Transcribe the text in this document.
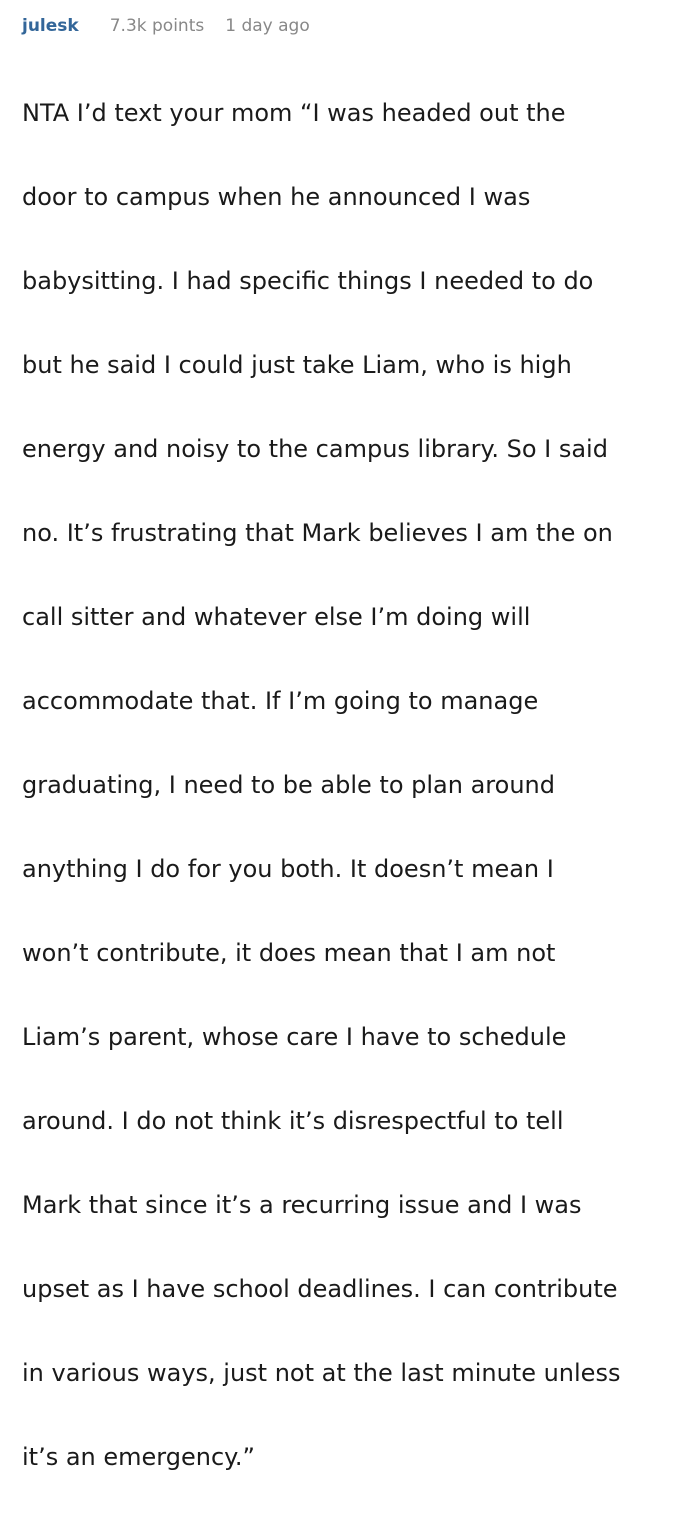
julesk 7.3k points 1 day ago

NTA I’d text your mom “I was headed out the

door to campus when he announced I was

babysitting. I had specific things I needed to do

but he said I could just take Liam, who is high

energy and noisy to the campus library. So I said

no. It’s frustrating that Mark believes I am the on

call sitter and whatever else I’m doing will

accommodate that. If I’m going to manage

graduating, I need to be able to plan around

anything I do for you both. It doesn’t mean I

won’t contribute, it does mean that I am not

Liam’s parent, whose care I have to schedule

around. I do not think it’s disrespectful to tell

Mark that since it’s a recurring issue and I was

upset as I have school deadlines. I can contribute

in various ways, just not at the last minute unless

it’s an emergency.”
